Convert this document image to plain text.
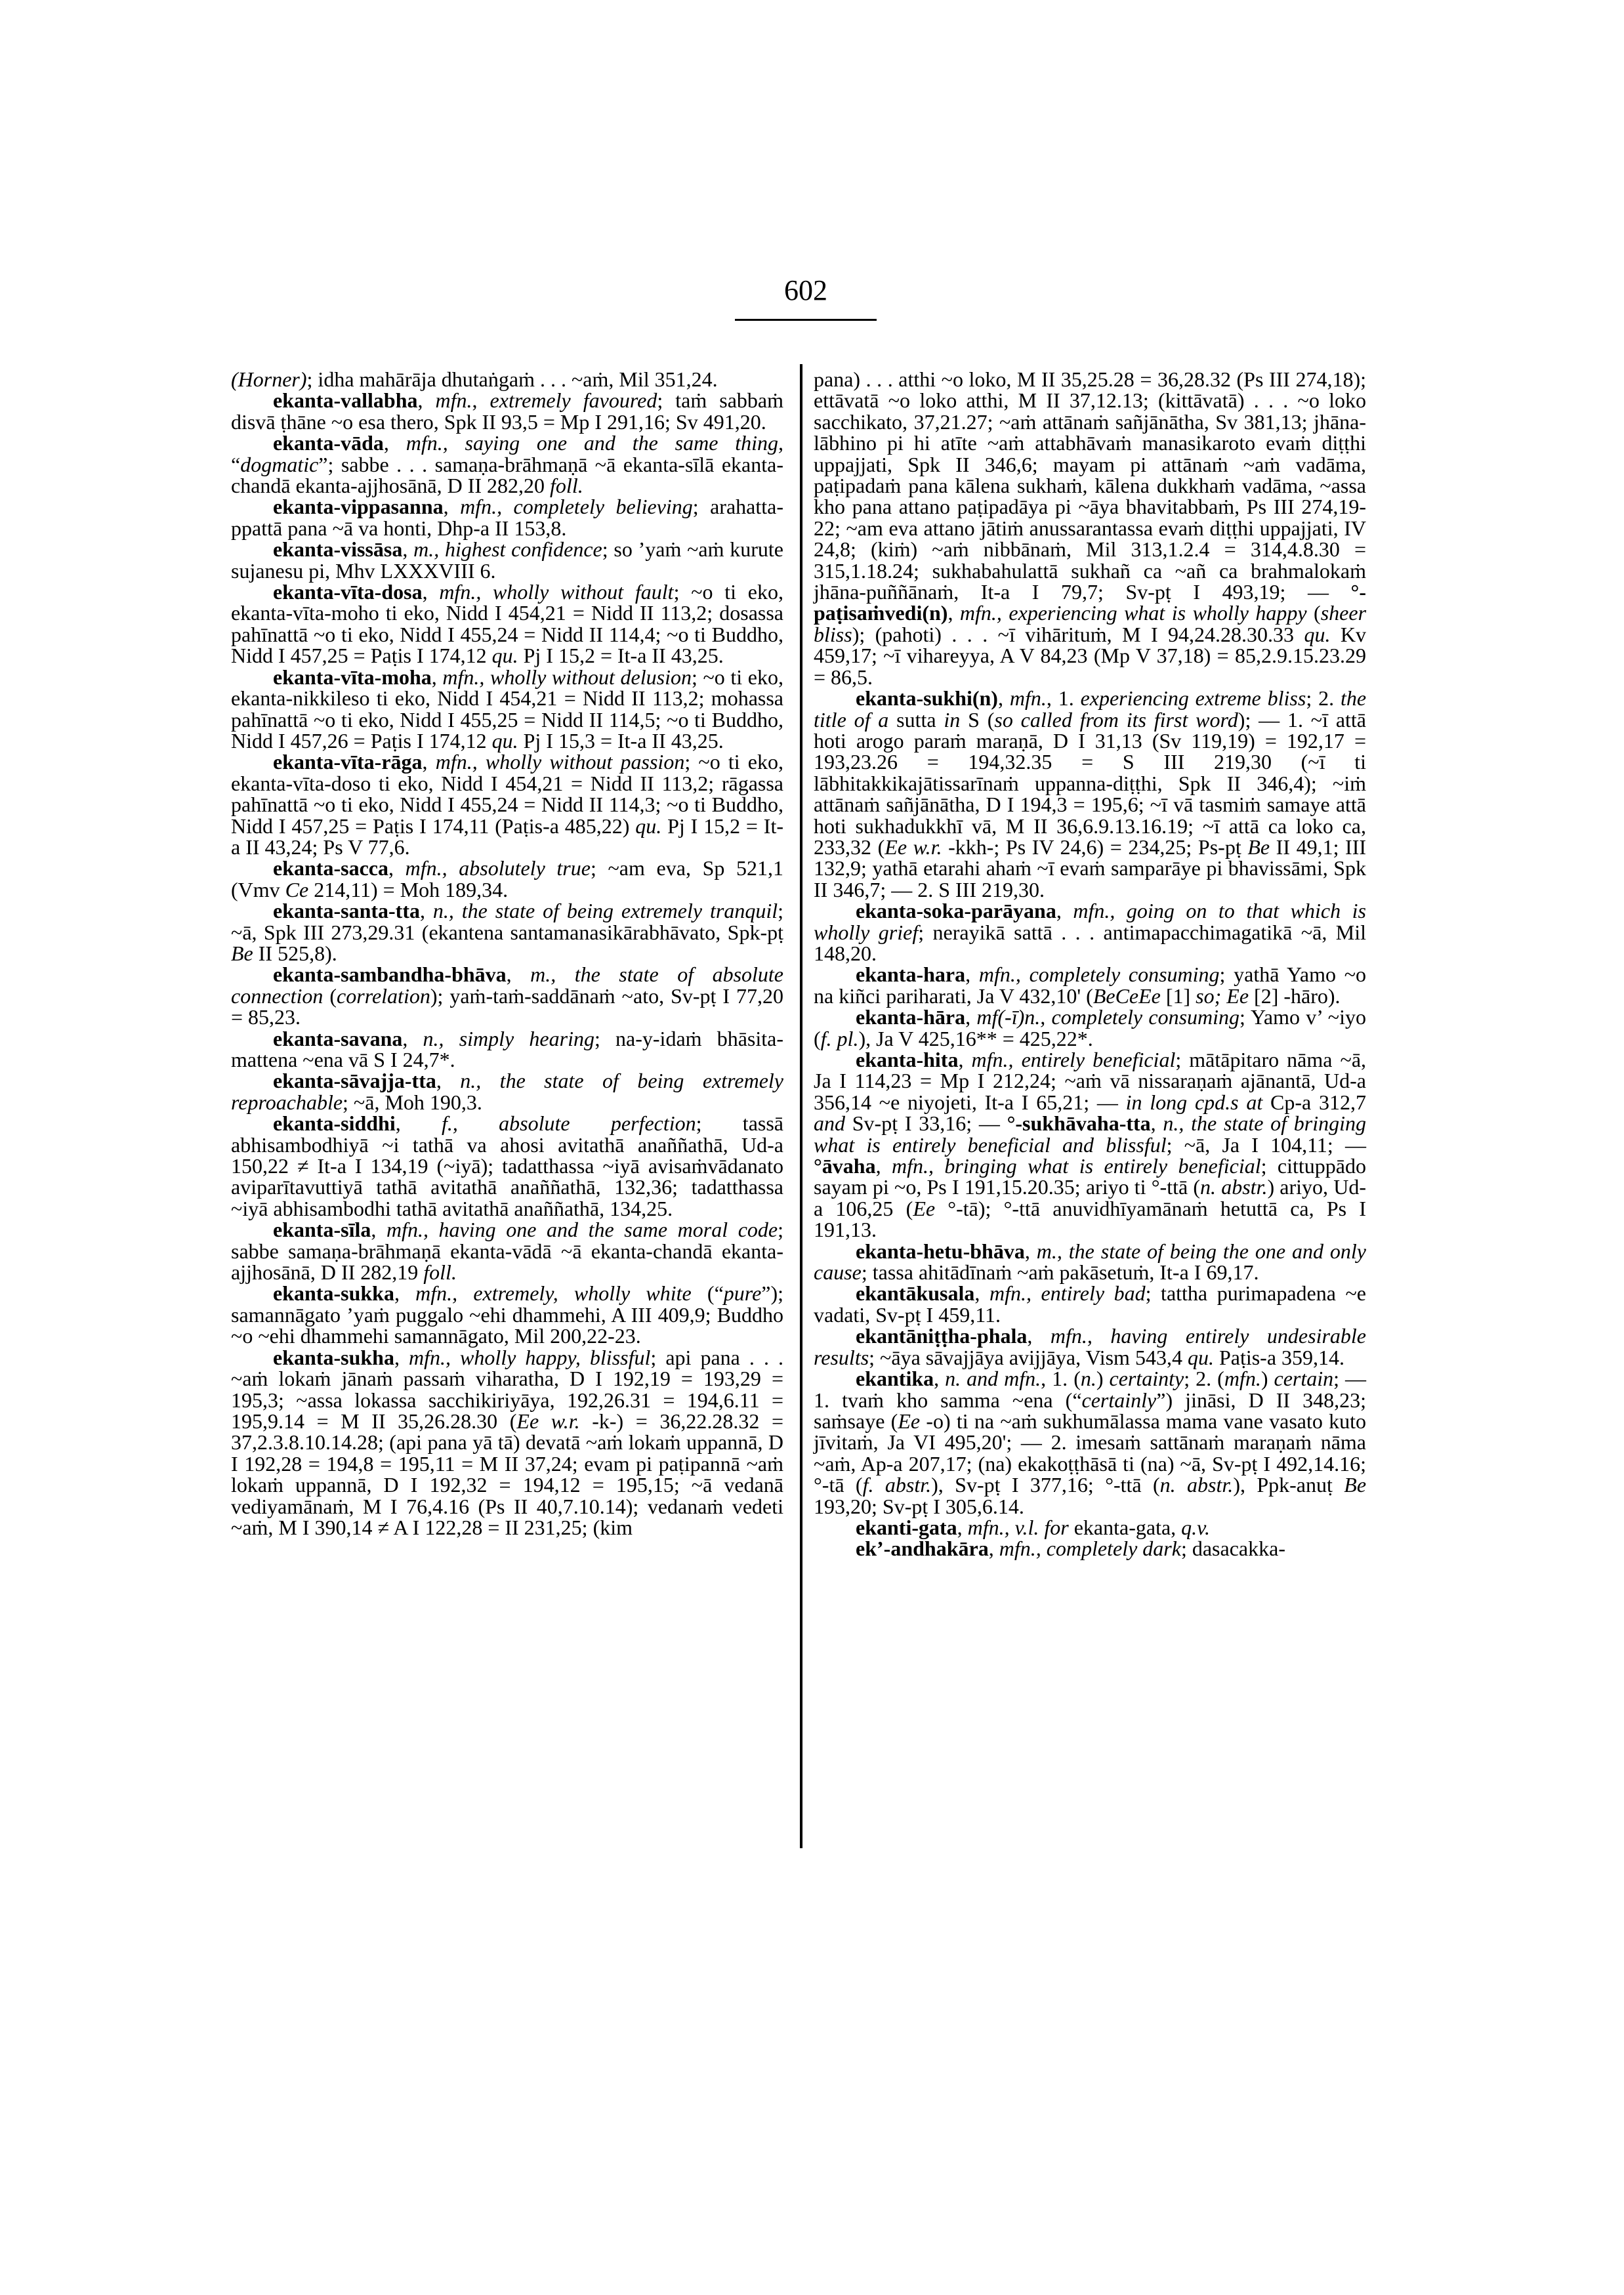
602

(Horner); idha mahārāja dhutaṅgaṁ . . . ~aṁ, Mil 351,24.

ekanta-vallabha, mfn., extremely favoured; taṁ sabbaṁ disvā ṭhāne ~o esa thero, Spk II 93,5 = Mp I 291,16; Sv 491,20.

ekanta-vāda, mfn., saying one and the same thing, “dogmatic”; sabbe . . . samaṇa-brāhmaṇā ~ā ekanta-sīlā ekanta-chandā ekanta-ajjhosānā, D II 282,20 foll.

ekanta-vippasanna, mfn., completely believing; arahatta-ppattā pana ~ā va honti, Dhp-a II 153,8.

ekanta-vissāsa, m., highest confidence; so ’yaṁ ~aṁ kurute sujanesu pi, Mhv LXXXVIII 6.

ekanta-vīta-dosa, mfn., wholly without fault; ~o ti eko, ekanta-vīta-moho ti eko, Nidd I 454,21 = Nidd II 113,2; dosassa pahīnattā ~o ti eko, Nidd I 455,24 = Nidd II 114,4; ~o ti Buddho, Nidd I 457,25 = Paṭis I 174,12 qu. Pj I 15,2 = It-a II 43,25.

ekanta-vīta-moha, mfn., wholly without delusion; ~o ti eko, ekanta-nikkileso ti eko, Nidd I 454,21 = Nidd II 113,2; mohassa pahīnattā ~o ti eko, Nidd I 455,25 = Nidd II 114,5; ~o ti Buddho, Nidd I 457,26 = Paṭis I 174,12 qu. Pj I 15,3 = It-a II 43,25.

ekanta-vīta-rāga, mfn., wholly without passion; ~o ti eko, ekanta-vīta-doso ti eko, Nidd I 454,21 = Nidd II 113,2; rāgassa pahīnattā ~o ti eko, Nidd I 455,24 = Nidd II 114,3; ~o ti Buddho, Nidd I 457,25 = Paṭis I 174,11 (Paṭis-a 485,22) qu. Pj I 15,2 = It-a II 43,24; Ps V 77,6.

ekanta-sacca, mfn., absolutely true; ~am eva, Sp 521,1 (Vmv Ce 214,11) = Moh 189,34.

ekanta-santa-tta, n., the state of being extremely tranquil; ~ā, Spk III 273,29.31 (ekantena santamanasikārabhāvato, Spk-pṭ Be II 525,8).

ekanta-sambandha-bhāva, m., the state of absolute connection (correlation); yaṁ-taṁ-saddānaṁ ~ato, Sv-pṭ I 77,20 = 85,23.

ekanta-savana, n., simply hearing; na-y-idaṁ bhāsita-mattena ~ena vā S I 24,7*.

ekanta-sāvajja-tta, n., the state of being extremely reproachable; ~ā, Moh 190,3.

ekanta-siddhi, f., absolute perfection; tassā abhisambodhiyā ~i tathā va ahosi avitathā anaññathā, Ud-a 150,22 ≠ It-a I 134,19 (~iyā); tadatthassa ~iyā avisaṁvādanato aviparītavuttiyā tathā avitathā anaññathā, 132,36; tadatthassa ~iyā abhisambodhi tathā avitathā anaññathā, 134,25.

ekanta-sīla, mfn., having one and the same moral code; sabbe samaṇa-brāhmaṇā ekanta-vādā ~ā ekanta-chandā ekanta-ajjhosānā, D II 282,19 foll.

ekanta-sukka, mfn., extremely, wholly white (“pure”); samannāgato ’yaṁ puggalo ~ehi dhammehi, A III 409,9; Buddho ~o ~ehi dhammehi samannāgato, Mil 200,22-23.

ekanta-sukha, mfn., wholly happy, blissful; api pana . . . ~aṁ lokaṁ jānaṁ passaṁ viharatha, D I 192,19 = 193,29 = 195,3; ~assa lokassa sacchikiriyāya, 192,26.31 = 194,6.11 = 195,9.14 = M II 35,26.28.30 (Ee w.r. -k-) = 36,22.28.32 = 37,2.3.8.10.14.28; (api pana yā tā) devatā ~aṁ lokaṁ uppannā, D I 192,28 = 194,8 = 195,11 = M II 37,24; evam pi paṭipannā ~aṁ lokaṁ uppannā, D I 192,32 = 194,12 = 195,15; ~ā vedanā vediyamānaṁ, M I 76,4.16 (Ps II 40,7.10.14); vedanaṁ vedeti ~aṁ, M I 390,14 ≠ A I 122,28 = II 231,25; (kim

pana) . . . atthi ~o loko, M II 35,25.28 = 36,28.32 (Ps III 274,18); ettāvatā ~o loko atthi, M II 37,12.13; (kittāvatā) . . . ~o loko sacchikato, 37,21.27; ~aṁ attānaṁ sañjānātha, Sv 381,13; jhāna-lābhino pi hi atīte ~aṁ attabhāvaṁ manasikaroto evaṁ diṭṭhi uppajjati, Spk II 346,6; mayam pi attānaṁ ~aṁ vadāma, paṭipadaṁ pana kālena sukhaṁ, kālena dukkhaṁ vadāma, ~assa kho pana attano paṭipadāya pi ~āya bhavitabbaṁ, Ps III 274,19-22; ~am eva attano jātiṁ anussarantassa evaṁ diṭṭhi uppajjati, IV 24,8; (kiṁ) ~aṁ nibbānaṁ, Mil 313,1.2.4 = 314,4.8.30 = 315,1.18.24; sukhabahulattā sukhañ ca ~añ ca brahmalokaṁ jhāna-puññānaṁ, It-a I 79,7; Sv-pṭ I 493,19; — °-paṭisaṁvedi(n), mfn., experiencing what is wholly happy (sheer bliss); (pahoti) . . . ~ī vihārituṁ, M I 94,24.28.30.33 qu. Kv 459,17; ~ī vihareyya, A V 84,23 (Mp V 37,18) = 85,2.9.15.23.29 = 86,5.

ekanta-sukhi(n), mfn., 1. experiencing extreme bliss; 2. the title of a sutta in S (so called from its first word); — 1. ~ī attā hoti arogo paraṁ maraṇā, D I 31,13 (Sv 119,19) = 192,17 = 193,23.26 = 194,32.35 = S III 219,30 (~ī ti lābhitakkikajātissarīnaṁ uppanna-diṭṭhi, Spk II 346,4); ~iṁ attānaṁ sañjānātha, D I 194,3 = 195,6; ~ī vā tasmiṁ samaye attā hoti sukhadukkhī vā, M II 36,6.9.13.16.19; ~ī attā ca loko ca, 233,32 (Ee w.r. -kkh-; Ps IV 24,6) = 234,25; Ps-pṭ Be II 49,1; III 132,9; yathā etarahi ahaṁ ~ī evaṁ samparāye pi bhavissāmi, Spk II 346,7; — 2. S III 219,30.

ekanta-soka-parāyana, mfn., going on to that which is wholly grief; nerayikā sattā . . . antimapacchimagatikā ~ā, Mil 148,20.

ekanta-hara, mfn., completely consuming; yathā Yamo ~o na kiñci pariharati, Ja V 432,10' (BeCeEe [1] so; Ee [2] -hāro).

ekanta-hāra, mf(-ī)n., completely consuming; Yamo v’ ~iyo (f. pl.), Ja V 425,16** = 425,22*.

ekanta-hita, mfn., entirely beneficial; mātāpitaro nāma ~ā, Ja I 114,23 = Mp I 212,24; ~aṁ vā nissaraṇaṁ ajānantā, Ud-a 356,14 ~e niyojeti, It-a I 65,21; — in long cpd.s at Cp-a 312,7 and Sv-pṭ I 33,16; — °-sukhāvaha-tta, n., the state of bringing what is entirely beneficial and blissful; ~ā, Ja I 104,11; — °āvaha, mfn., bringing what is entirely beneficial; cittuppādo sayam pi ~o, Ps I 191,15.20.35; ariyo ti °-ttā (n. abstr.) ariyo, Ud-a 106,25 (Ee °-tā); °-ttā anuvidhīyamānaṁ hetuttā ca, Ps I 191,13.

ekanta-hetu-bhāva, m., the state of being the one and only cause; tassa ahitādīnaṁ ~aṁ pakāsetuṁ, It-a I 69,17.

ekantākusala, mfn., entirely bad; tattha purimapadena ~e vadati, Sv-pṭ I 459,11.

ekantāniṭṭha-phala, mfn., having entirely undesirable results; ~āya sāvajjāya avijjāya, Vism 543,4 qu. Paṭis-a 359,14.

ekantika, n. and mfn., 1. (n.) certainty; 2. (mfn.) certain; — 1. tvaṁ kho samma ~ena (“certainly”) jināsi, D II 348,23; saṁsaye (Ee -o) ti na ~aṁ sukhumālassa mama vane vasato kuto jīvitaṁ, Ja VI 495,20'; — 2. imesaṁ sattānaṁ maraṇaṁ nāma ~aṁ, Ap-a 207,17; (na) ekakoṭṭhāsā ti (na) ~ā, Sv-pṭ I 492,14.16; °-tā (f. abstr.), Sv-pṭ I 377,16; °-ttā (n. abstr.), Ppk-anuṭ Be 193,20; Sv-pṭ I 305,6.14.

ekanti-gata, mfn., v.l. for ekanta-gata, q.v.

ek’-andhakāra, mfn., completely dark; dasacakka-
